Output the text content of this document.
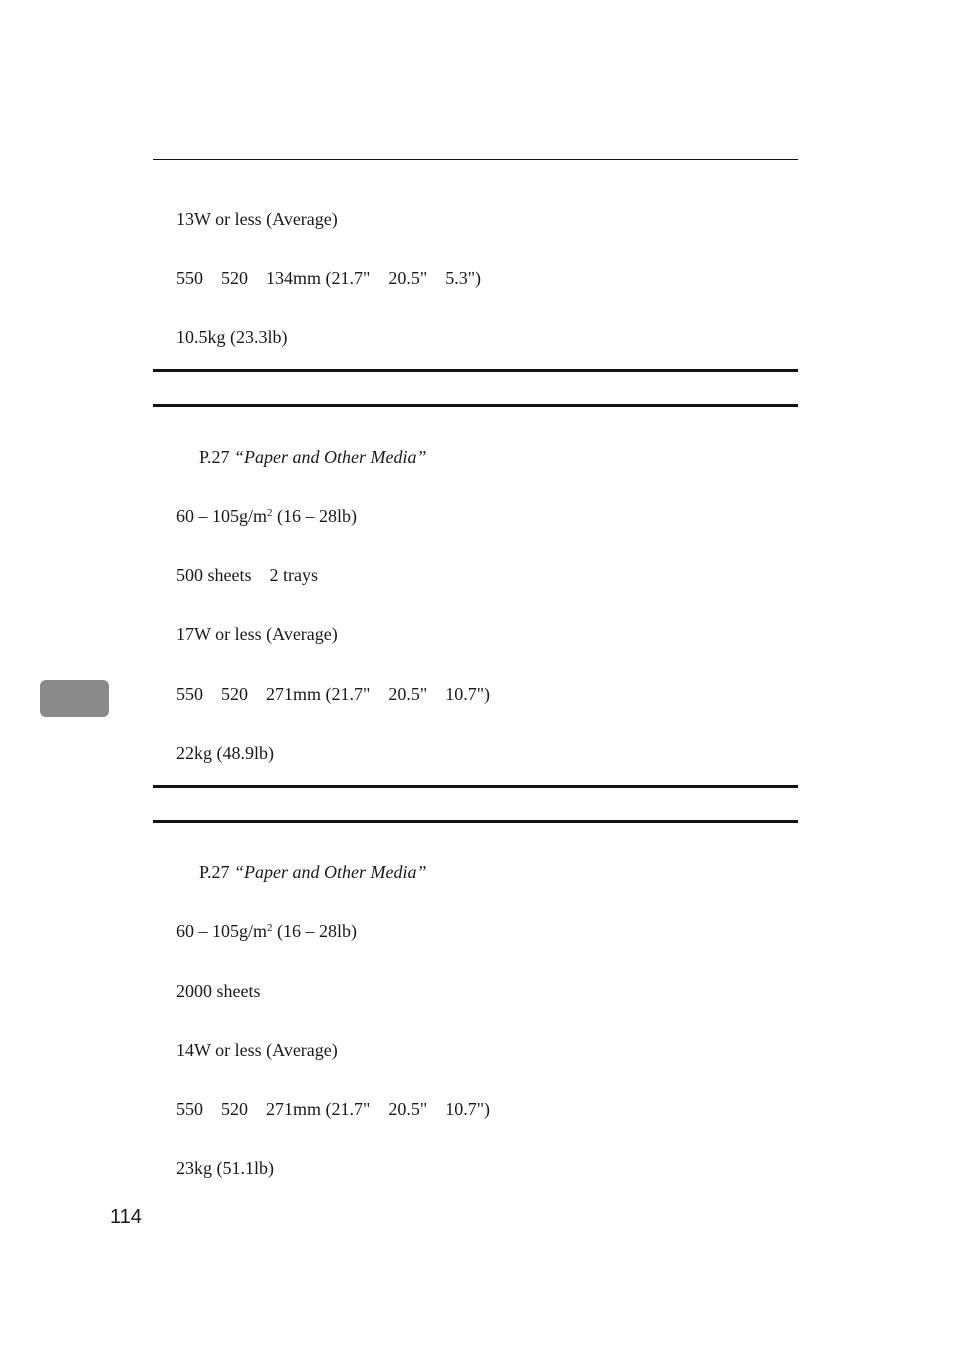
13W or less (Average)
550    520    134mm (21.7"    20.5"    5.3")
10.5kg (23.3lb)
P.27 “Paper and Other Media”
$60 - 105g/m^2$ (16 – 28lb)
500 sheets    2 trays
17W or less (Average)
550    520    271mm (21.7"    20.5"    10.7")
22kg (48.9lb)
P.27 “Paper and Other Media”
$60 - 105g/m^2$ (16 – 28lb)
2000 sheets
14W or less (Average)
550    520    271mm (21.7"    20.5"    10.7")
23kg (51.1lb)
114
